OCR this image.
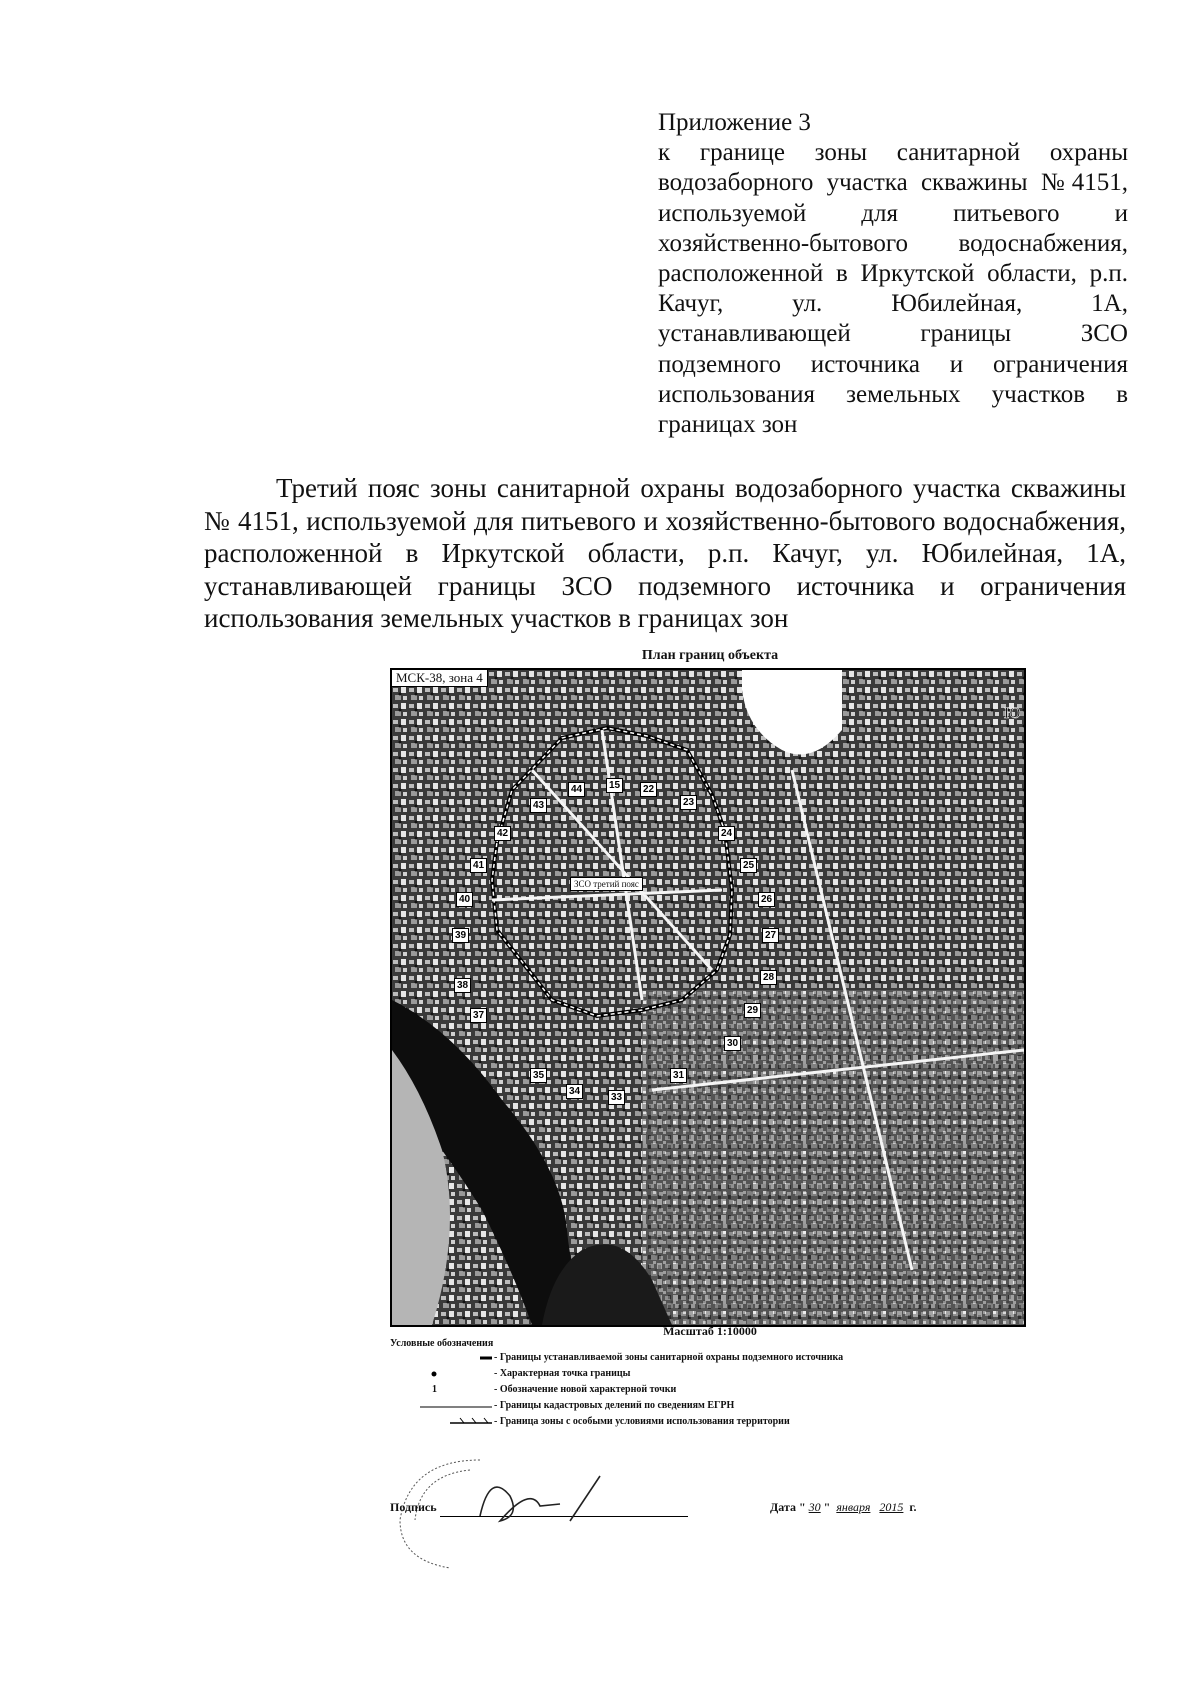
Приложение 3
к границе зоны санитарной охраны водозаборного участка скважины №4151, используемой для питьевого и хозяйственно-бытового водоснабжения, расположенной в Иркутской области, р.п. Качуг, ул. Юбилейная, 1А, устанавливающей границы ЗСО подземного источника и ограничения использования земельных участков в границах зон
Третий пояс зоны санитарной охраны водозаборного участка скважины № 4151, используемой для питьевого и хозяйственно-бытового водоснабжения, расположенной в Иркутской области, р.п. Качуг, ул. Юбилейная, 1А, устанавливающей границы ЗСО подземного источника и ограничения использования земельных участков в границах зон
План границ объекта
Ю
МСК-38, зона 4
ЗСО третий пояс
15	22
23
24
25
26
27
28
29
30
31
33
34
35
37
38
39
40
41
42
43
44
Масштаб 1:10000
Условные обозначения
- Границы устанавливаемой зоны санитарной охраны подземного источника
- Характерная точка границы
1	- Обозначение новой характерной точки
- Границы кадастровых делений по сведениям ЕГРН
- Граница зоны с особыми условиями использования территории
Подпись	Дата " 30 " января 2015 г.
